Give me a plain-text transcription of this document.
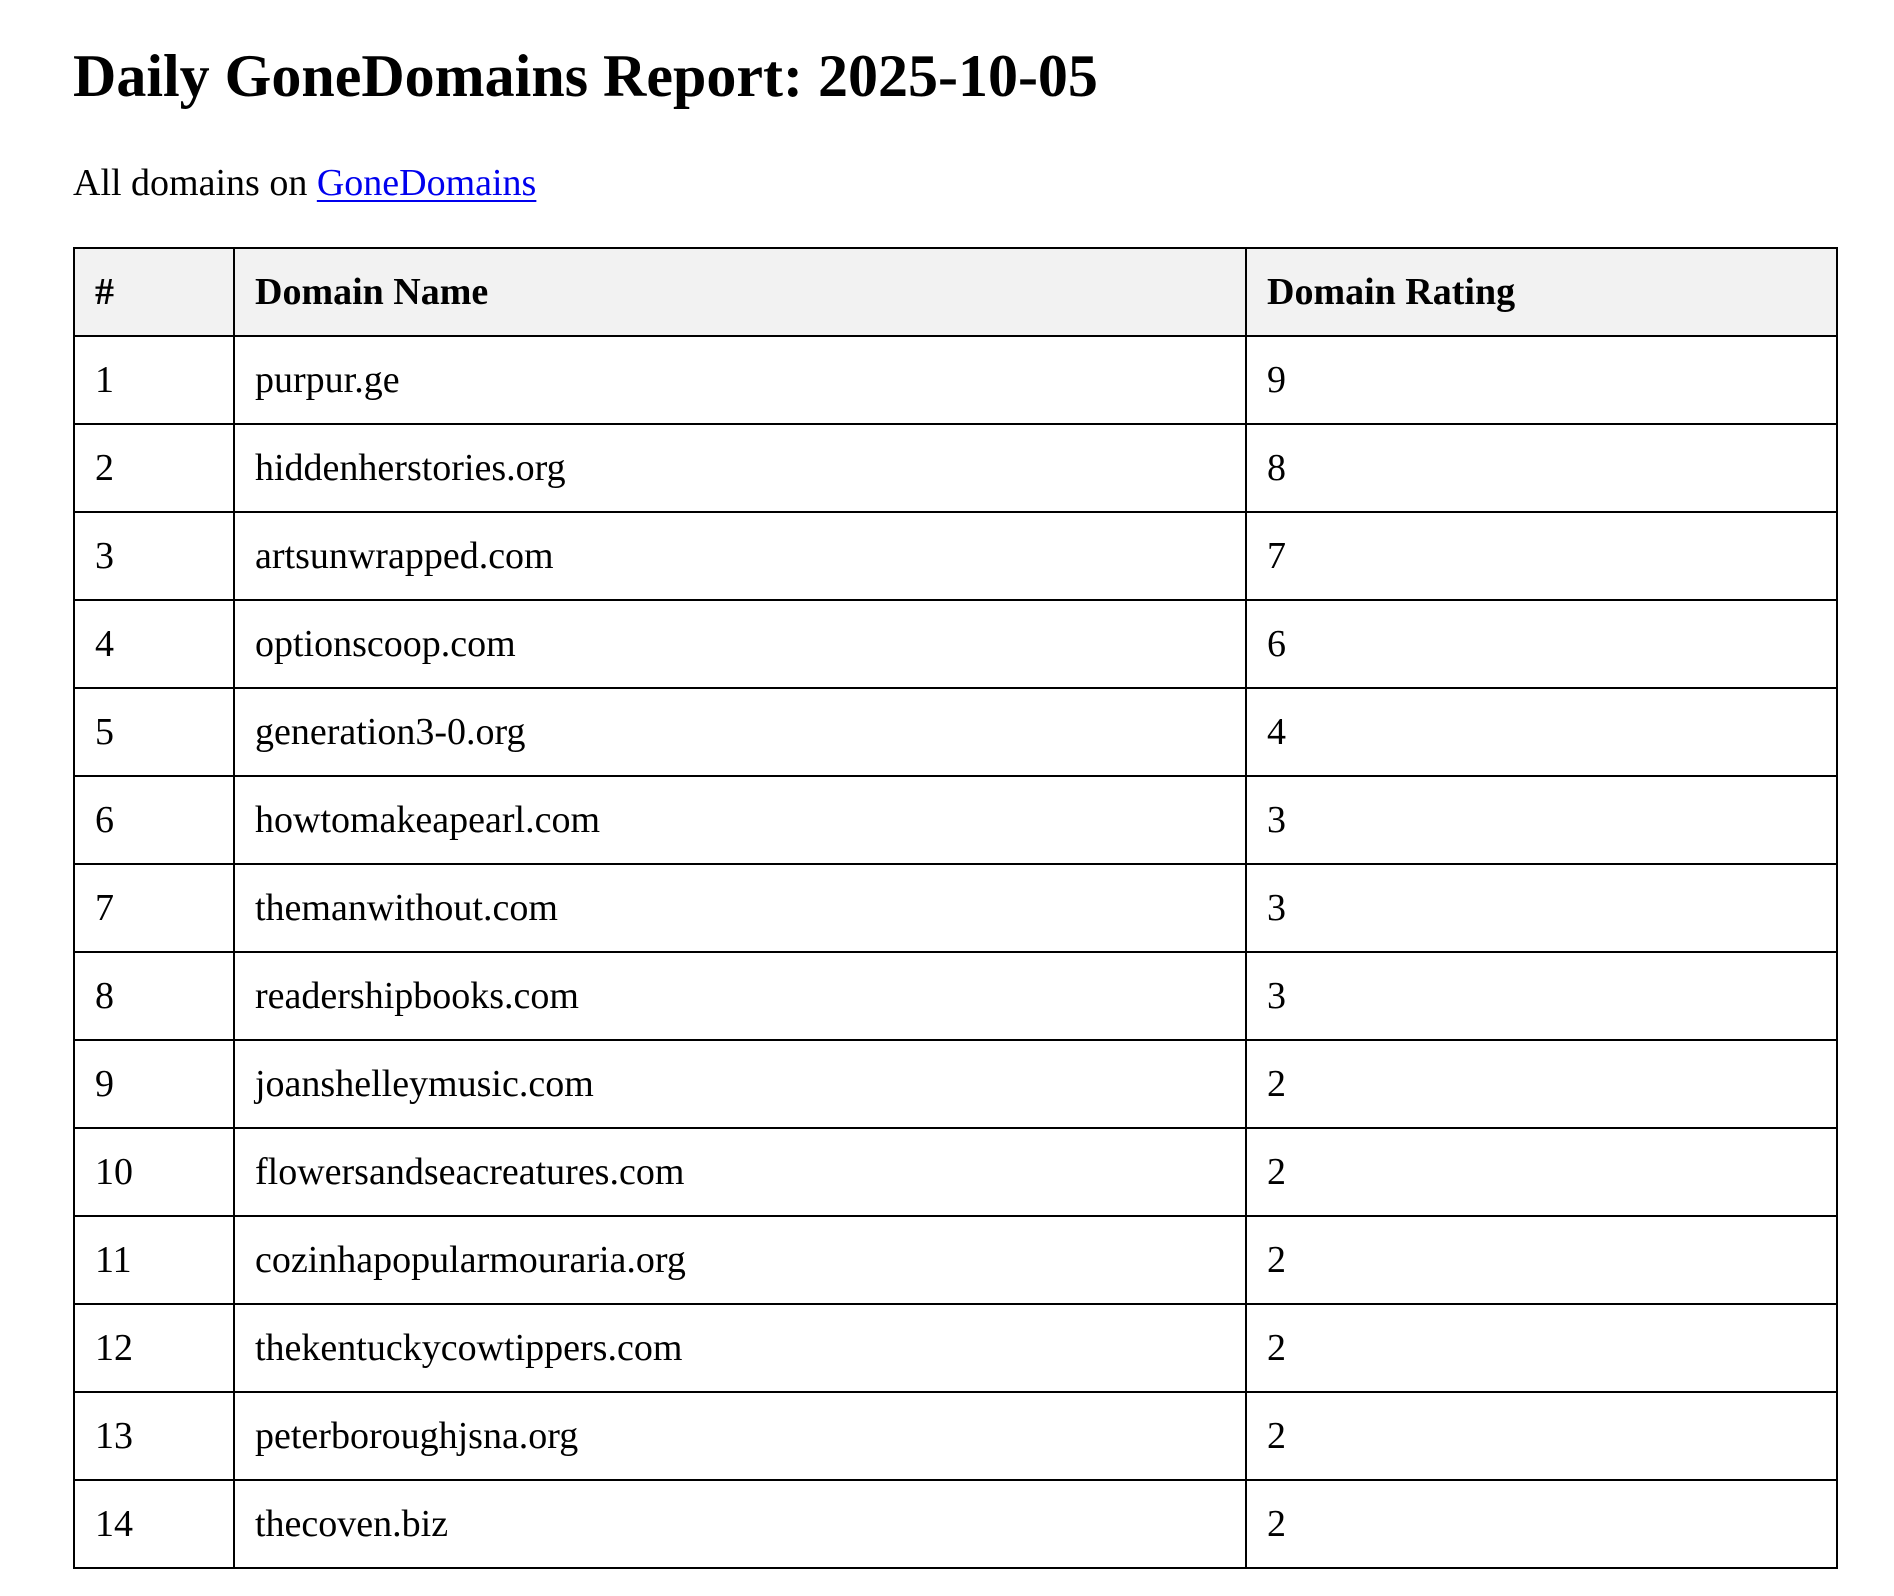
Daily GoneDomains Report: 2025-10-05

All domains on GoneDomains

#	Domain Name	Domain Rating
1	purpur.ge	9
2	hiddenherstories.org	8
3	artsunwrapped.com	7
4	optionscoop.com	6
5	generation3-0.org	4
6	howtomakeapearl.com	3
7	themanwithout.com	3
8	readershipbooks.com	3
9	joanshelleymusic.com	2
10	flowersandseacreatures.com	2
11	cozinhapopularmouraria.org	2
12	thekentuckycowtippers.com	2
13	peterboroughjsna.org	2
14	thecoven.biz	2
